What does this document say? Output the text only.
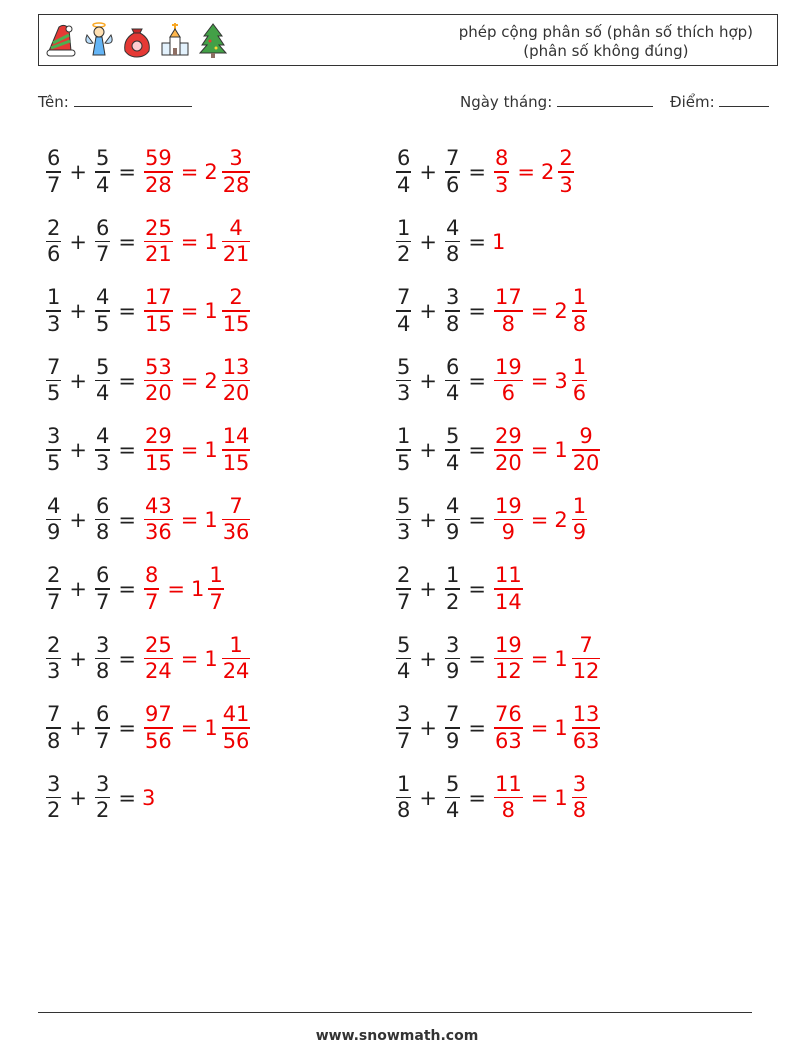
phép cộng phân số (phân số thích hợp)
(phân số không đúng)
Tên:	Ngày tháng:	Điểm:
$\frac{6}{7} + \frac{5}{4} = \frac{59}{28} = 2 \frac{3}{28}$	$\frac{6}{4} + \frac{7}{6} = \frac{8}{3} = 2 \frac{2}{3}$
$\frac{2}{6} + \frac{6}{7} = \frac{25}{21} = 1 \frac{4}{21}$	$\frac{1}{2} + \frac{4}{8} = 1$
$\frac{1}{3} + \frac{4}{5} = \frac{17}{15} = 1 \frac{2}{15}$	$\frac{7}{4} + \frac{3}{8} = \frac{17}{8} = 2 \frac{1}{8}$
$\frac{7}{5} + \frac{5}{4} = \frac{53}{20} = 2 \frac{13}{20}$	$\frac{5}{3} + \frac{6}{4} = \frac{19}{6} = 3 \frac{1}{6}$
$\frac{3}{5} + \frac{4}{3} = \frac{29}{15} = 1 \frac{14}{15}$	$\frac{1}{5} + \frac{5}{4} = \frac{29}{20} = 1 \frac{9}{20}$
$\frac{4}{9} + \frac{6}{8} = \frac{43}{36} = 1 \frac{7}{36}$	$\frac{5}{3} + \frac{4}{9} = \frac{19}{9} = 2 \frac{1}{9}$
$\frac{2}{7} + \frac{6}{7} = \frac{8}{7} = 1 \frac{1}{7}$	$\frac{2}{7} + \frac{1}{2} = \frac{11}{14}$
$\frac{2}{3} + \frac{3}{8} = \frac{25}{24} = 1 \frac{1}{24}$	$\frac{5}{4} + \frac{3}{9} = \frac{19}{12} = 1 \frac{7}{12}$
$\frac{7}{8} + \frac{6}{7} = \frac{97}{56} = 1 \frac{41}{56}$	$\frac{3}{7} + \frac{7}{9} = \frac{76}{63} = 1 \frac{13}{63}$
$\frac{3}{2} + \frac{3}{2} = 3$	$\frac{1}{8} + \frac{5}{4} = \frac{11}{8} = 1 \frac{3}{8}$
www.snowmath.com
